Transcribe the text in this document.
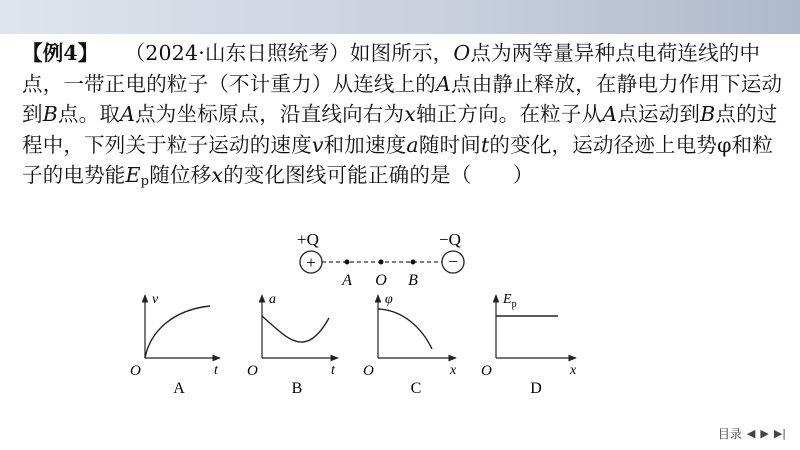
【例4】 （2024·山东日照统考）如图所示，O点为两等量异种点电荷连线的中点，一带正电的粒子（不计重力）从连线上的A点由静止释放，在静电力作用下运动到B点。取A点为坐标原点，沿直线向右为x轴正方向。在粒子从A点运动到B点的过程中，下列关于粒子运动的速度v和加速度a随时间t的变化，运动径迹上电势φ和粒子的电势能$E_p$随位移x的变化图线可能正确的是（　　）
+Q	−Q
+	−
A O B
v
t
O
A
a
t
O
B
φ
x
O
C
$E_p$
x
O
D
目录 ◀ ▶ ▶|
